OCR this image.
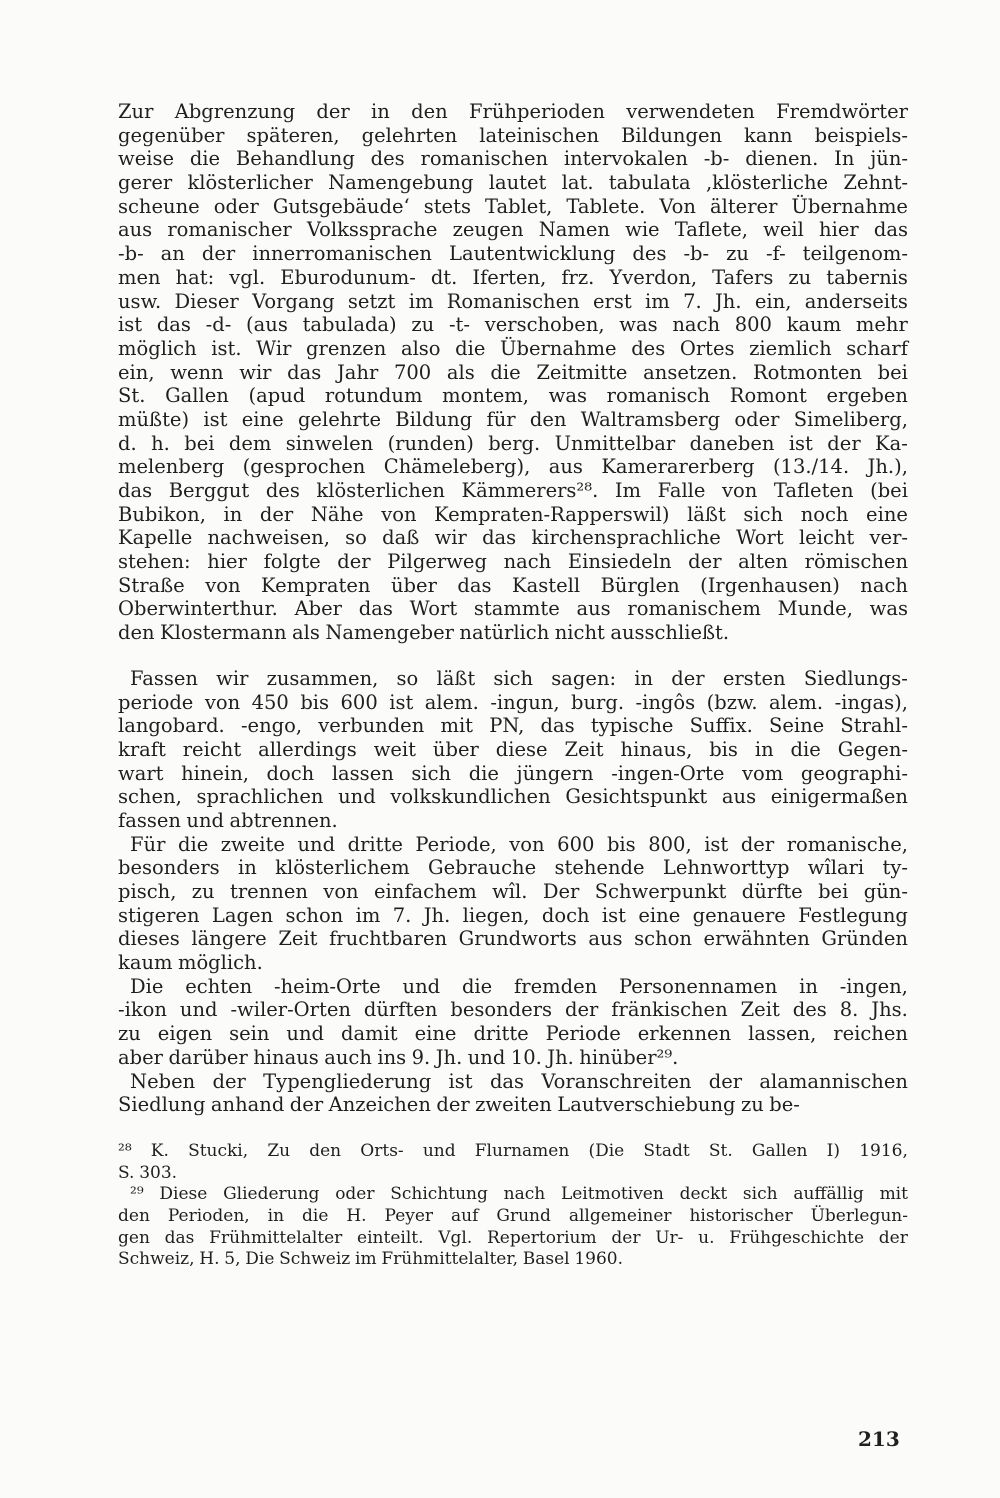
Zur Abgrenzung der in den Frühperioden verwendeten Fremdwörter
gegenüber späteren, gelehrten lateinischen Bildungen kann beispiels-
weise die Behandlung des romanischen intervokalen -b- dienen. In jün-
gerer klösterlicher Namengebung lautet lat. tabulata ‚klösterliche Zehnt-
scheune oder Gutsgebäude‘ stets Tablet, Tablete. Von älterer Übernahme
aus romanischer Volkssprache zeugen Namen wie Taflete, weil hier das
-b- an der innerromanischen Lautentwicklung des -b- zu -f- teilgenom-
men hat: vgl. Eburodunum- dt. Iferten, frz. Yverdon, Tafers zu tabernis
usw. Dieser Vorgang setzt im Romanischen erst im 7. Jh. ein, anderseits
ist das -d- (aus tabulada) zu -t- verschoben, was nach 800 kaum mehr
möglich ist. Wir grenzen also die Übernahme des Ortes ziemlich scharf
ein, wenn wir das Jahr 700 als die Zeitmitte ansetzen. Rotmonten bei
St. Gallen (apud rotundum montem, was romanisch Romont ergeben
müßte) ist eine gelehrte Bildung für den Waltramsberg oder Simeliberg,
d. h. bei dem sinwelen (runden) berg. Unmittelbar daneben ist der Ka-
melenberg (gesprochen Chämeleberg), aus Kamerarerberg (13./14. Jh.),
das Berggut des klösterlichen Kämmerers²⁸. Im Falle von Tafleten (bei
Bubikon, in der Nähe von Kempraten-Rapperswil) läßt sich noch eine
Kapelle nachweisen, so daß wir das kirchensprachliche Wort leicht ver-
stehen: hier folgte der Pilgerweg nach Einsiedeln der alten römischen
Straße von Kempraten über das Kastell Bürglen (Irgenhausen) nach
Oberwinterthur. Aber das Wort stammte aus romanischem Munde, was
den Klostermann als Namengeber natürlich nicht ausschließt.
Fassen wir zusammen, so läßt sich sagen: in der ersten Siedlungs-
periode von 450 bis 600 ist alem. -ingun, burg. -ingôs (bzw. alem. -ingas),
langobard. -engo, verbunden mit PN, das typische Suffix. Seine Strahl-
kraft reicht allerdings weit über diese Zeit hinaus, bis in die Gegen-
wart hinein, doch lassen sich die jüngern -ingen-Orte vom geographi-
schen, sprachlichen und volkskundlichen Gesichtspunkt aus einigermaßen
fassen und abtrennen.
Für die zweite und dritte Periode, von 600 bis 800, ist der romanische,
besonders in klösterlichem Gebrauche stehende Lehnworttyp wîlari ty-
pisch, zu trennen von einfachem wîl. Der Schwerpunkt dürfte bei gün-
stigeren Lagen schon im 7. Jh. liegen, doch ist eine genauere Festlegung
dieses längere Zeit fruchtbaren Grundworts aus schon erwähnten Gründen
kaum möglich.
Die echten -heim-Orte und die fremden Personennamen in -ingen,
-ikon und -wiler-Orten dürften besonders der fränkischen Zeit des 8. Jhs.
zu eigen sein und damit eine dritte Periode erkennen lassen, reichen
aber darüber hinaus auch ins 9. Jh. und 10. Jh. hinüber²⁹.
Neben der Typengliederung ist das Voranschreiten der alamannischen
Siedlung anhand der Anzeichen der zweiten Lautverschiebung zu be-
²⁸ K. Stucki, Zu den Orts- und Flurnamen (Die Stadt St. Gallen I) 1916,
S. 303.
²⁹ Diese Gliederung oder Schichtung nach Leitmotiven deckt sich auffällig mit
den Perioden, in die H. Peyer auf Grund allgemeiner historischer Überlegun-
gen das Frühmittelalter einteilt. Vgl. Repertorium der Ur- u. Frühgeschichte der
Schweiz, H. 5, Die Schweiz im Frühmittelalter, Basel 1960.
213
